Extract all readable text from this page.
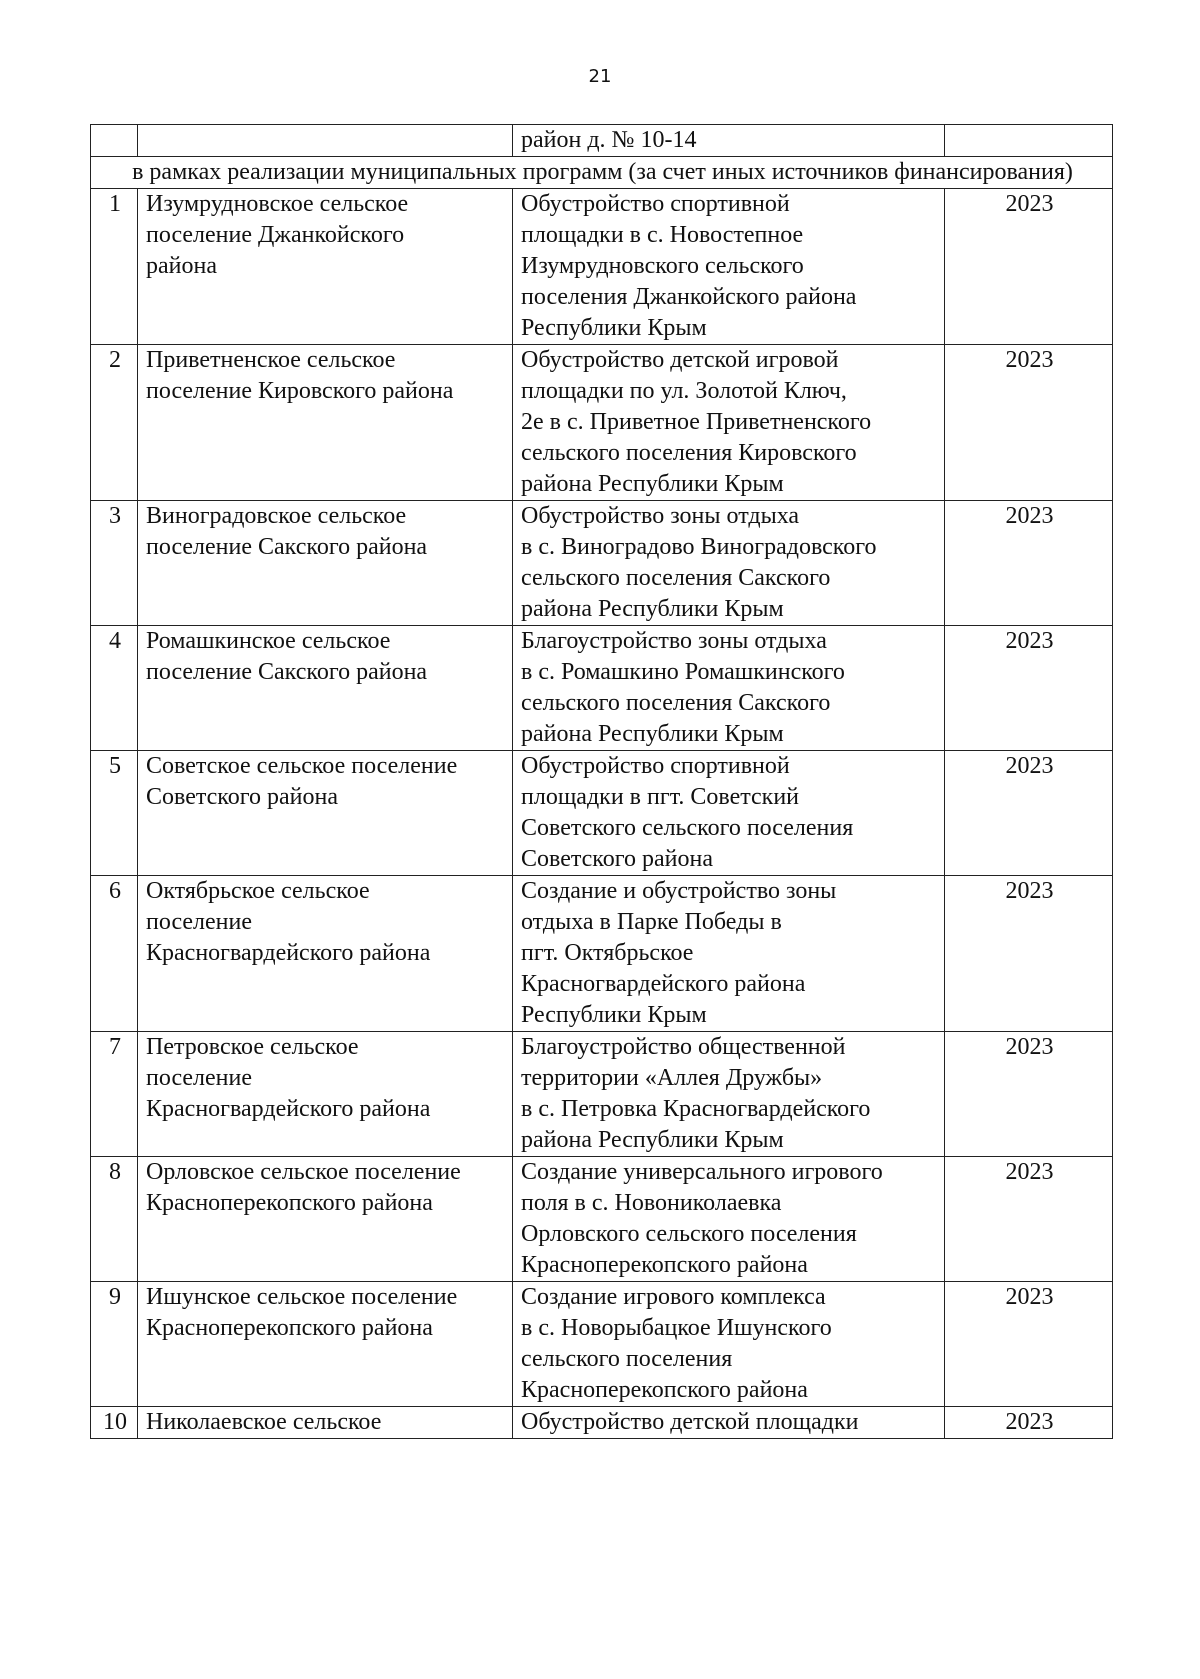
21
		район д. № 10-14	
в рамках реализации муниципальных программ (за счет иных источников финансирования)			
1	Изумрудновское сельское
поселение Джанкойского
района	Обустройство спортивной
площадки в с. Новостепное
Изумрудновского сельского
поселения Джанкойского района
Республики Крым	2023
2	Приветненское сельское
поселение Кировского района	Обустройство детской игровой
площадки по ул. Золотой Ключ,
2е в с. Приветное Приветненского
сельского поселения Кировского
района Республики Крым	2023
3	Виноградовское сельское
поселение Сакского района	Обустройство зоны отдыха
в с. Виноградово Виноградовского
сельского поселения Сакского
района Республики Крым	2023
4	Ромашкинское сельское
поселение Сакского района	Благоустройство зоны отдыха
в с. Ромашкино Ромашкинского
сельского поселения Сакского
района Республики Крым	2023
5	Советское сельское поселение
Советского района	Обустройство спортивной
площадки в пгт. Советский
Советского сельского поселения
Советского района	2023
6	Октябрьское сельское
поселение
Красногвардейского района	Создание и обустройство зоны
отдыха в Парке Победы в
пгт. Октябрьское
Красногвардейского района
Республики Крым	2023
7	Петровское сельское
поселение
Красногвардейского района	Благоустройство общественной
территории «Аллея Дружбы»
в с. Петровка Красногвардейского
района Республики Крым	2023
8	Орловское сельское поселение
Красноперекопского района	Создание универсального игрового
поля в с. Новониколаевка
Орловского сельского поселения
Красноперекопского района	2023
9	Ишунское сельское поселение
Красноперекопского района	Создание игрового комплекса
в с. Новорыбацкое Ишунского
сельского поселения
Красноперекопского района	2023
10	Николаевское сельское	Обустройство детской площадки	2023
